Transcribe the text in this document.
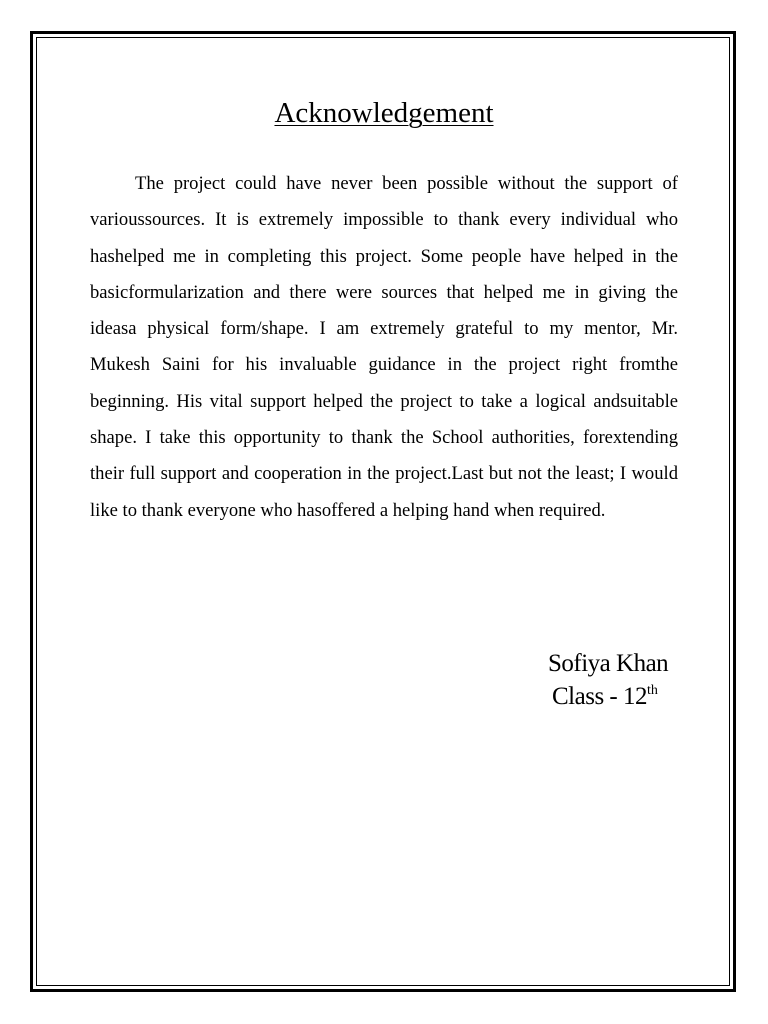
Acknowledgement

The project could have never been possible without the support of varioussources. It is extremely impossible to thank every individual who hashelped me in completing this project. Some people have helped in the basicformularization and there were sources that helped me in giving the ideasa physical form/shape. I am extremely grateful to my mentor, Mr. Mukesh Saini for his invaluable guidance in the project right fromthe beginning. His vital support helped the project to take a logical andsuitable shape. I take this opportunity to thank the School authorities, forextending their full support and cooperation in the project.Last but not the least; I would like to thank everyone who hasoffered a helping hand when required.

Sofiya Khan
Class - 12th
